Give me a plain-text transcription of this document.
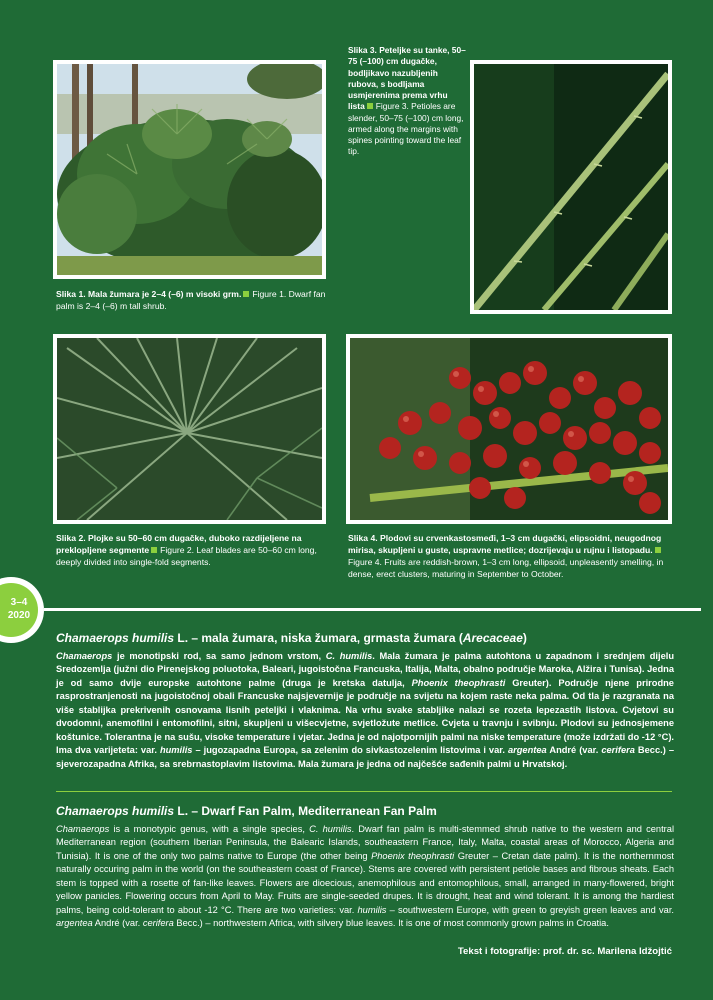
Slika 3. Peteljke su tanke, 50–75 (–100) cm dugačke, bodljikavo nazubljenih rubova, s bodljama usmjerenima prema vrhu lista Figure 3. Petioles are slender, 50–75 (–100) cm long, armed along the margins with spines pointing toward the leaf tip.
Slika 1. Mala žumara je 2–4 (–6) m visoki grm. Figure 1. Dwarf fan palm is 2–4 (–6) m tall shrub.
Slika 2. Plojke su 50–60 cm dugačke, duboko razdijeljene na preklopljene segmente Figure 2. Leaf blades are 50–60 cm long, deeply divided into single-fold segments.
Slika 4. Plodovi su crvenkastosmeđi, 1–3 cm dugački, elipsoidni, neugodnog mirisa, skupljeni u guste, uspravne metlice; dozrijevaju u rujnu i listopadu.Figure 4. Fruits are reddish-brown, 1–3 cm long, ellipsoid, unpleasently smelling, in dense, erect clusters, maturing in September to October.
3–4
2020
Chamaerops humilis L. – mala žumara, niska žumara, grmasta žumara (Arecaceae)

Chamaerops je monotipski rod, sa samo jednom vrstom, C. humilis. Mala žumara je palma autohtona u zapadnom i srednjem dijelu Sredozemlja (južni dio Pirenejskog poluotoka, Baleari, jugoistočna Francuska, Italija, Malta, obalno područje Maroka, Alžira i Tunisa). Jedna je od samo dvije europske autohtone palme (druga je kretska datulja, Phoenix theophrasti Greuter). Područje njene prirodne rasprostranjenosti na jugoistočnoj obali Francuske najsjevernije je područje na svijetu na kojem raste neka palma. Od tla je razgranata na više stablijka prekrivenih osnovama lisnih peteljki i vlaknima. Na vrhu svake stabljike nalazi se rozeta lepezastih listova. Cvjetovi su dvodomni, anemofilni i entomofilni, sitni, skupljeni u višecvjetne, svjetložute metlice. Cvjeta u travnju i svibnju. Plodovi su jednosjemene koštunice. Tolerantna je na sušu, visoke temperature i vjetar. Jedna je od najotpornijih palmi na niske temperature (može izdržati do -12 °C). Ima dva varijeteta: var. humilis – jugozapadna Europa, sa zelenim do sivkastozelenim listovima i var. argentea André (var. cerifera Becc.) – sjeverozapadna Afrika, sa srebrnastoplavim listovima. Mala žumara je jedna od najčešće sađenih palmi u Hrvatskoj.

Chamaerops humilis L. – Dwarf Fan Palm, Mediterranean Fan Palm

Chamaerops is a monotypic genus, with a single species, C. humilis. Dwarf fan palm is multi-stemmed shrub native to the western and central Mediterranean region (southern Iberian Peninsula, the Balearic Islands, southeastern France, Italy, Malta, coastal areas of Morocco, Algeria and Tunisia). It is one of the only two palms native to Europe (the other being Phoenix theophrasti Greuter – Cretan date palm). It is the northernmost naturally occuring palm in the world (on the southeastern coast of France). Stems are covered with persistent petiole bases and fibrous sheats. Each stem is topped with a rosette of fan-like leaves. Flowers are dioecious, anemophilous and entomophilous, small, arranged in many-flowered, bright yellow panicles. Flowering occurs from April to May. Fruits are single-seeded drupes. It is drought, heat and wind tolerant. It is among the hardiest palms, being cold-tolerant to about -12 °C. There are two varieties: var. humilis – southwestern Europe, with green to greyish green leaves and var. argentea André (var. cerifera Becc.) – northwestern Africa, with silvery blue leaves. It is one of most commonly grown palms in Croatia.

Tekst i fotografije: prof. dr. sc. Marilena Idžojtić
